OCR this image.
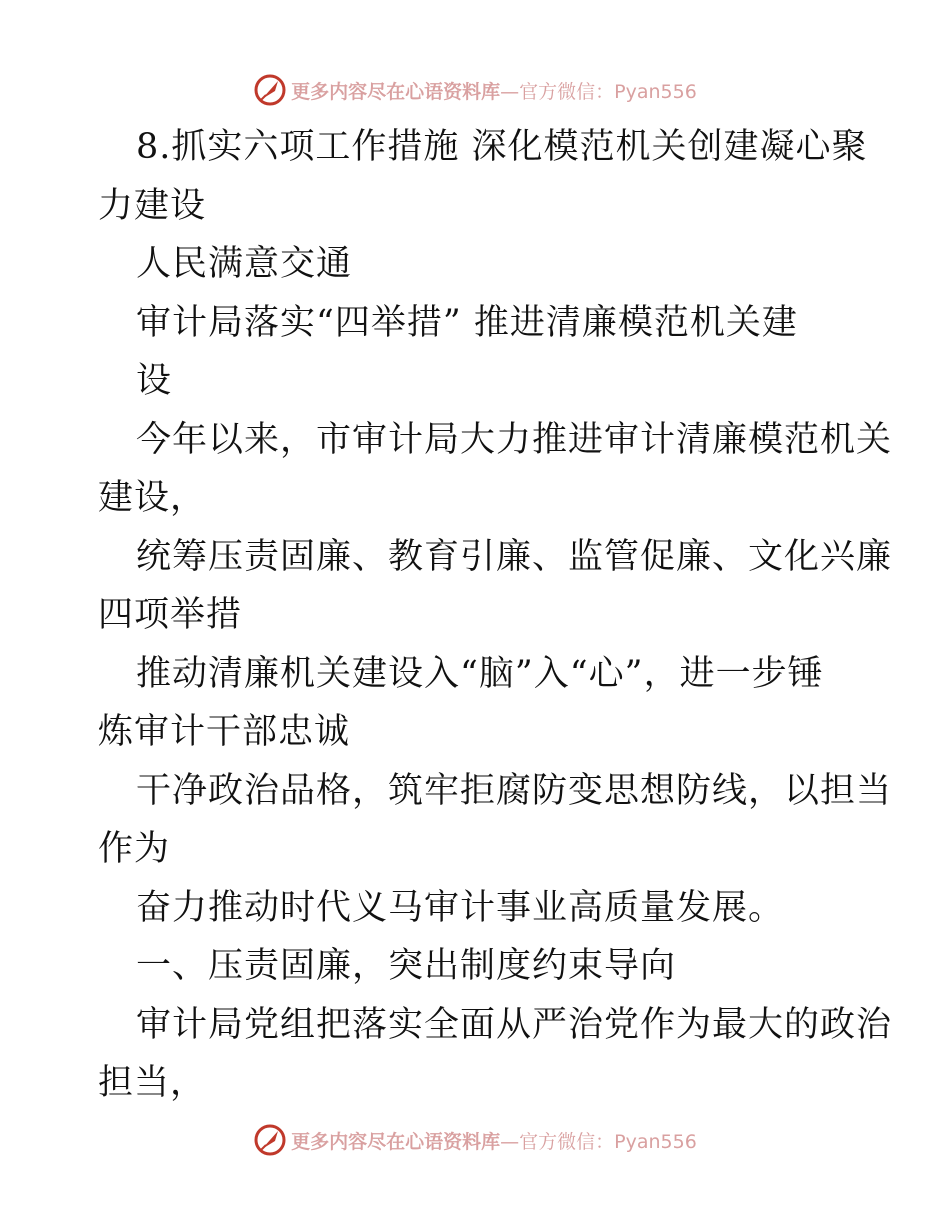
更多内容尽在心语资料库 —官方微信：Pyan556
8.抓实六项工作措施 深化模范机关创建凝心聚
力建设
人民满意交通
审计局落实“四举措” 推进清廉模范机关建
设
今年以来，市审计局大力推进审计清廉模范机关
建设，
统筹压责固廉、教育引廉、监管促廉、文化兴廉
四项举措
推动清廉机关建设入“脑”入“心”，进一步锤
炼审计干部忠诚
干净政治品格，筑牢拒腐防变思想防线，以担当
作为
奋力推动时代义马审计事业高质量发展。
一、压责固廉，突出制度约束导向
审计局党组把落实全面从严治党作为最大的政治
担当，
更多内容尽在心语资料库 —官方微信：Pyan556
